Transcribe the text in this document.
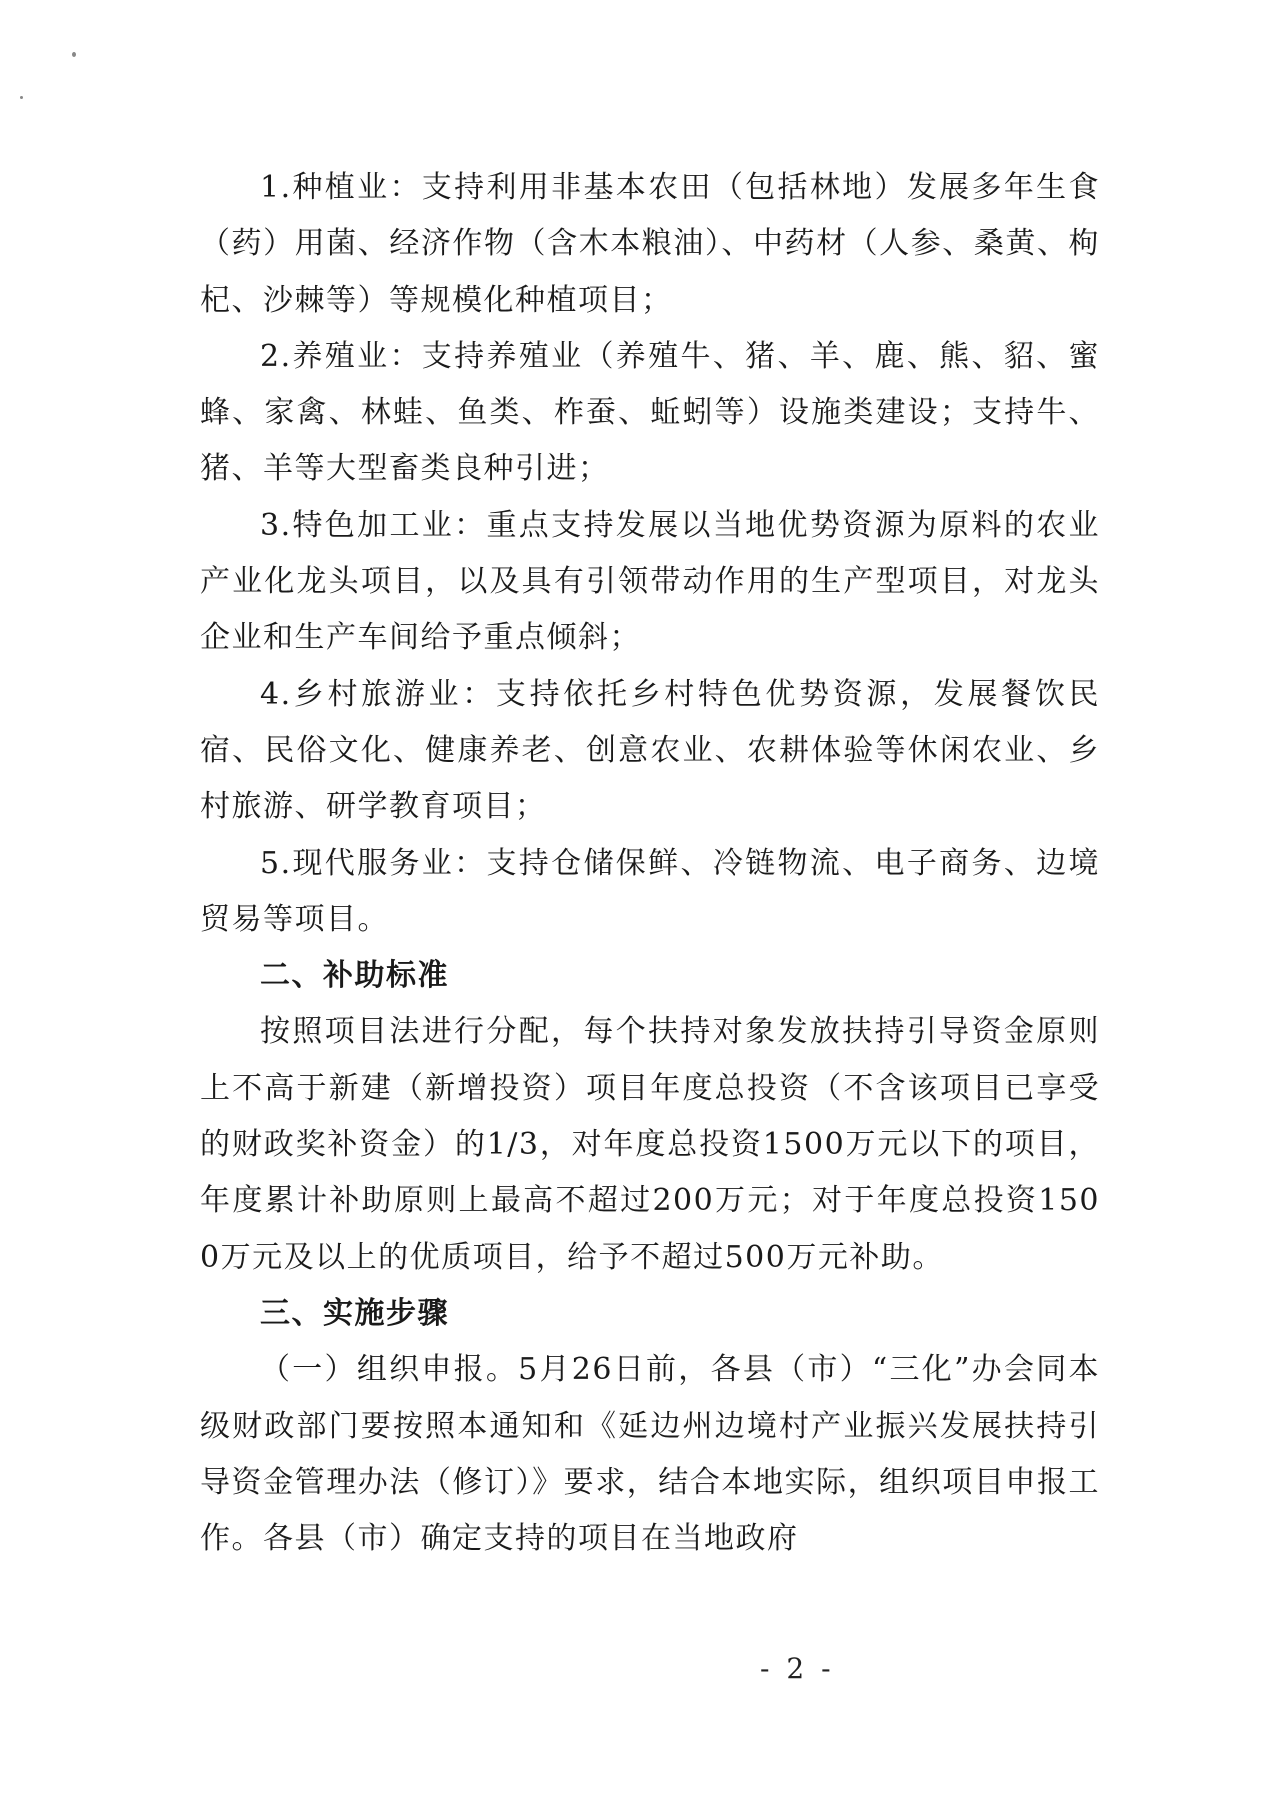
1.种植业：支持利用非基本农田（包括林地）发展多年生食（药）用菌、经济作物（含木本粮油）、中药材（人参、桑黄、枸杞、沙棘等）等规模化种植项目；

2.养殖业：支持养殖业（养殖牛、猪、羊、鹿、熊、貂、蜜蜂、家禽、林蛙、鱼类、柞蚕、蚯蚓等）设施类建设；支持牛、猪、羊等大型畜类良种引进；

3.特色加工业：重点支持发展以当地优势资源为原料的农业产业化龙头项目，以及具有引领带动作用的生产型项目，对龙头企业和生产车间给予重点倾斜；

4.乡村旅游业：支持依托乡村特色优势资源，发展餐饮民宿、民俗文化、健康养老、创意农业、农耕体验等休闲农业、乡村旅游、研学教育项目；

5.现代服务业：支持仓储保鲜、冷链物流、电子商务、边境贸易等项目。

二、补助标准

按照项目法进行分配，每个扶持对象发放扶持引导资金原则上不高于新建（新增投资）项目年度总投资（不含该项目已享受的财政奖补资金）的1/3，对年度总投资1500万元以下的项目，年度累计补助原则上最高不超过200万元；对于年度总投资1500万元及以上的优质项目，给予不超过500万元补助。

三、实施步骤

（一）组织申报。5月26日前，各县（市）“三化”办会同本级财政部门要按照本通知和《延边州边境村产业振兴发展扶持引导资金管理办法（修订）》要求，结合本地实际，组织项目申报工作。各县（市）确定支持的项目在当地政府

- 2 -
